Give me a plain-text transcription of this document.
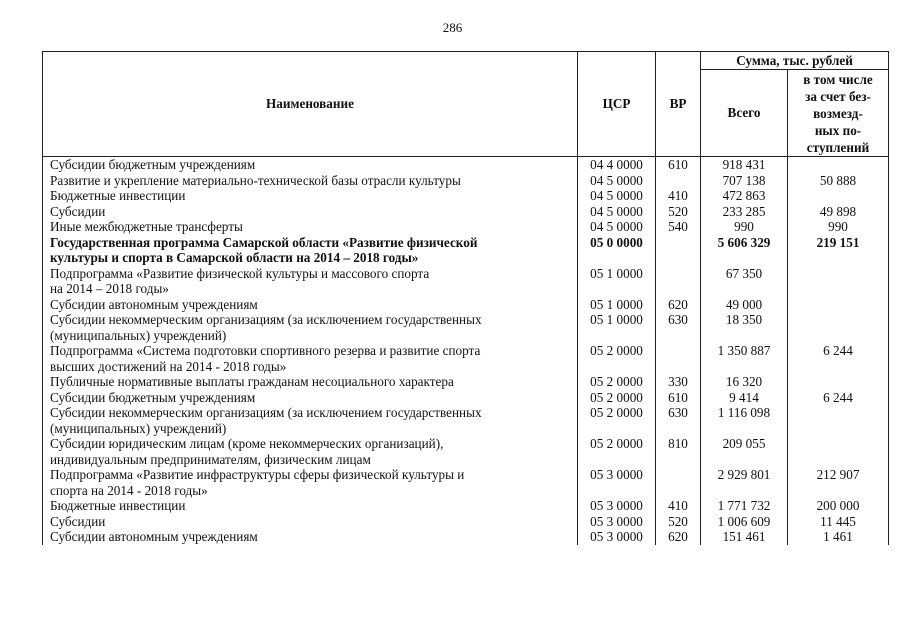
286
Наименование	ЦСР	ВР	Сумма, тыс. рублей	
			Всего	в том числе
за счет без-
возмезд-
ных по-
ступлений
Субсидии бюджетным учреждениям	04 4 0000	610	918 431	
Развитие и укрепление материально-технической базы отрасли культуры	04 5 0000		707 138	50 888
Бюджетные инвестиции	04 5 0000	410	472 863	
Субсидии	04 5 0000	520	233 285	49 898
Иные межбюджетные трансферты	04 5 0000	540	990	990
Государственная программа Самарской области «Развитие физической
культуры и спорта в Самарской области на 2014 – 2018 годы»	05 0 0000		5 606 329	219 151
Подпрограмма «Развитие физической культуры и массового спорта
на 2014 – 2018 годы»	05 1 0000		67 350	
Субсидии автономным учреждениям	05 1 0000	620	49 000	
Субсидии некоммерческим организациям (за исключением государственных
(муниципальных) учреждений)	05 1 0000	630	18 350	
Подпрограмма «Система подготовки спортивного резерва и развитие спорта
высших достижений на 2014 - 2018 годы»	05 2 0000		1 350 887	6 244
Публичные нормативные выплаты гражданам несоциального характера	05 2 0000	330	16 320	
Субсидии бюджетным учреждениям	05 2 0000	610	9 414	6 244
Субсидии некоммерческим организациям (за исключением государственных
(муниципальных) учреждений)	05 2 0000	630	1 116 098	
Субсидии юридическим лицам (кроме некоммерческих организаций),
индивидуальным предпринимателям, физическим лицам	05 2 0000	810	209 055	
Подпрограмма «Развитие инфраструктуры сферы физической культуры и
спорта на 2014 - 2018 годы»	05 3 0000		2 929 801	212 907
Бюджетные инвестиции	05 3 0000	410	1 771 732	200 000
Субсидии	05 3 0000	520	1 006 609	11 445
Субсидии автономным учреждениям	05 3 0000	620	151 461	1 461
